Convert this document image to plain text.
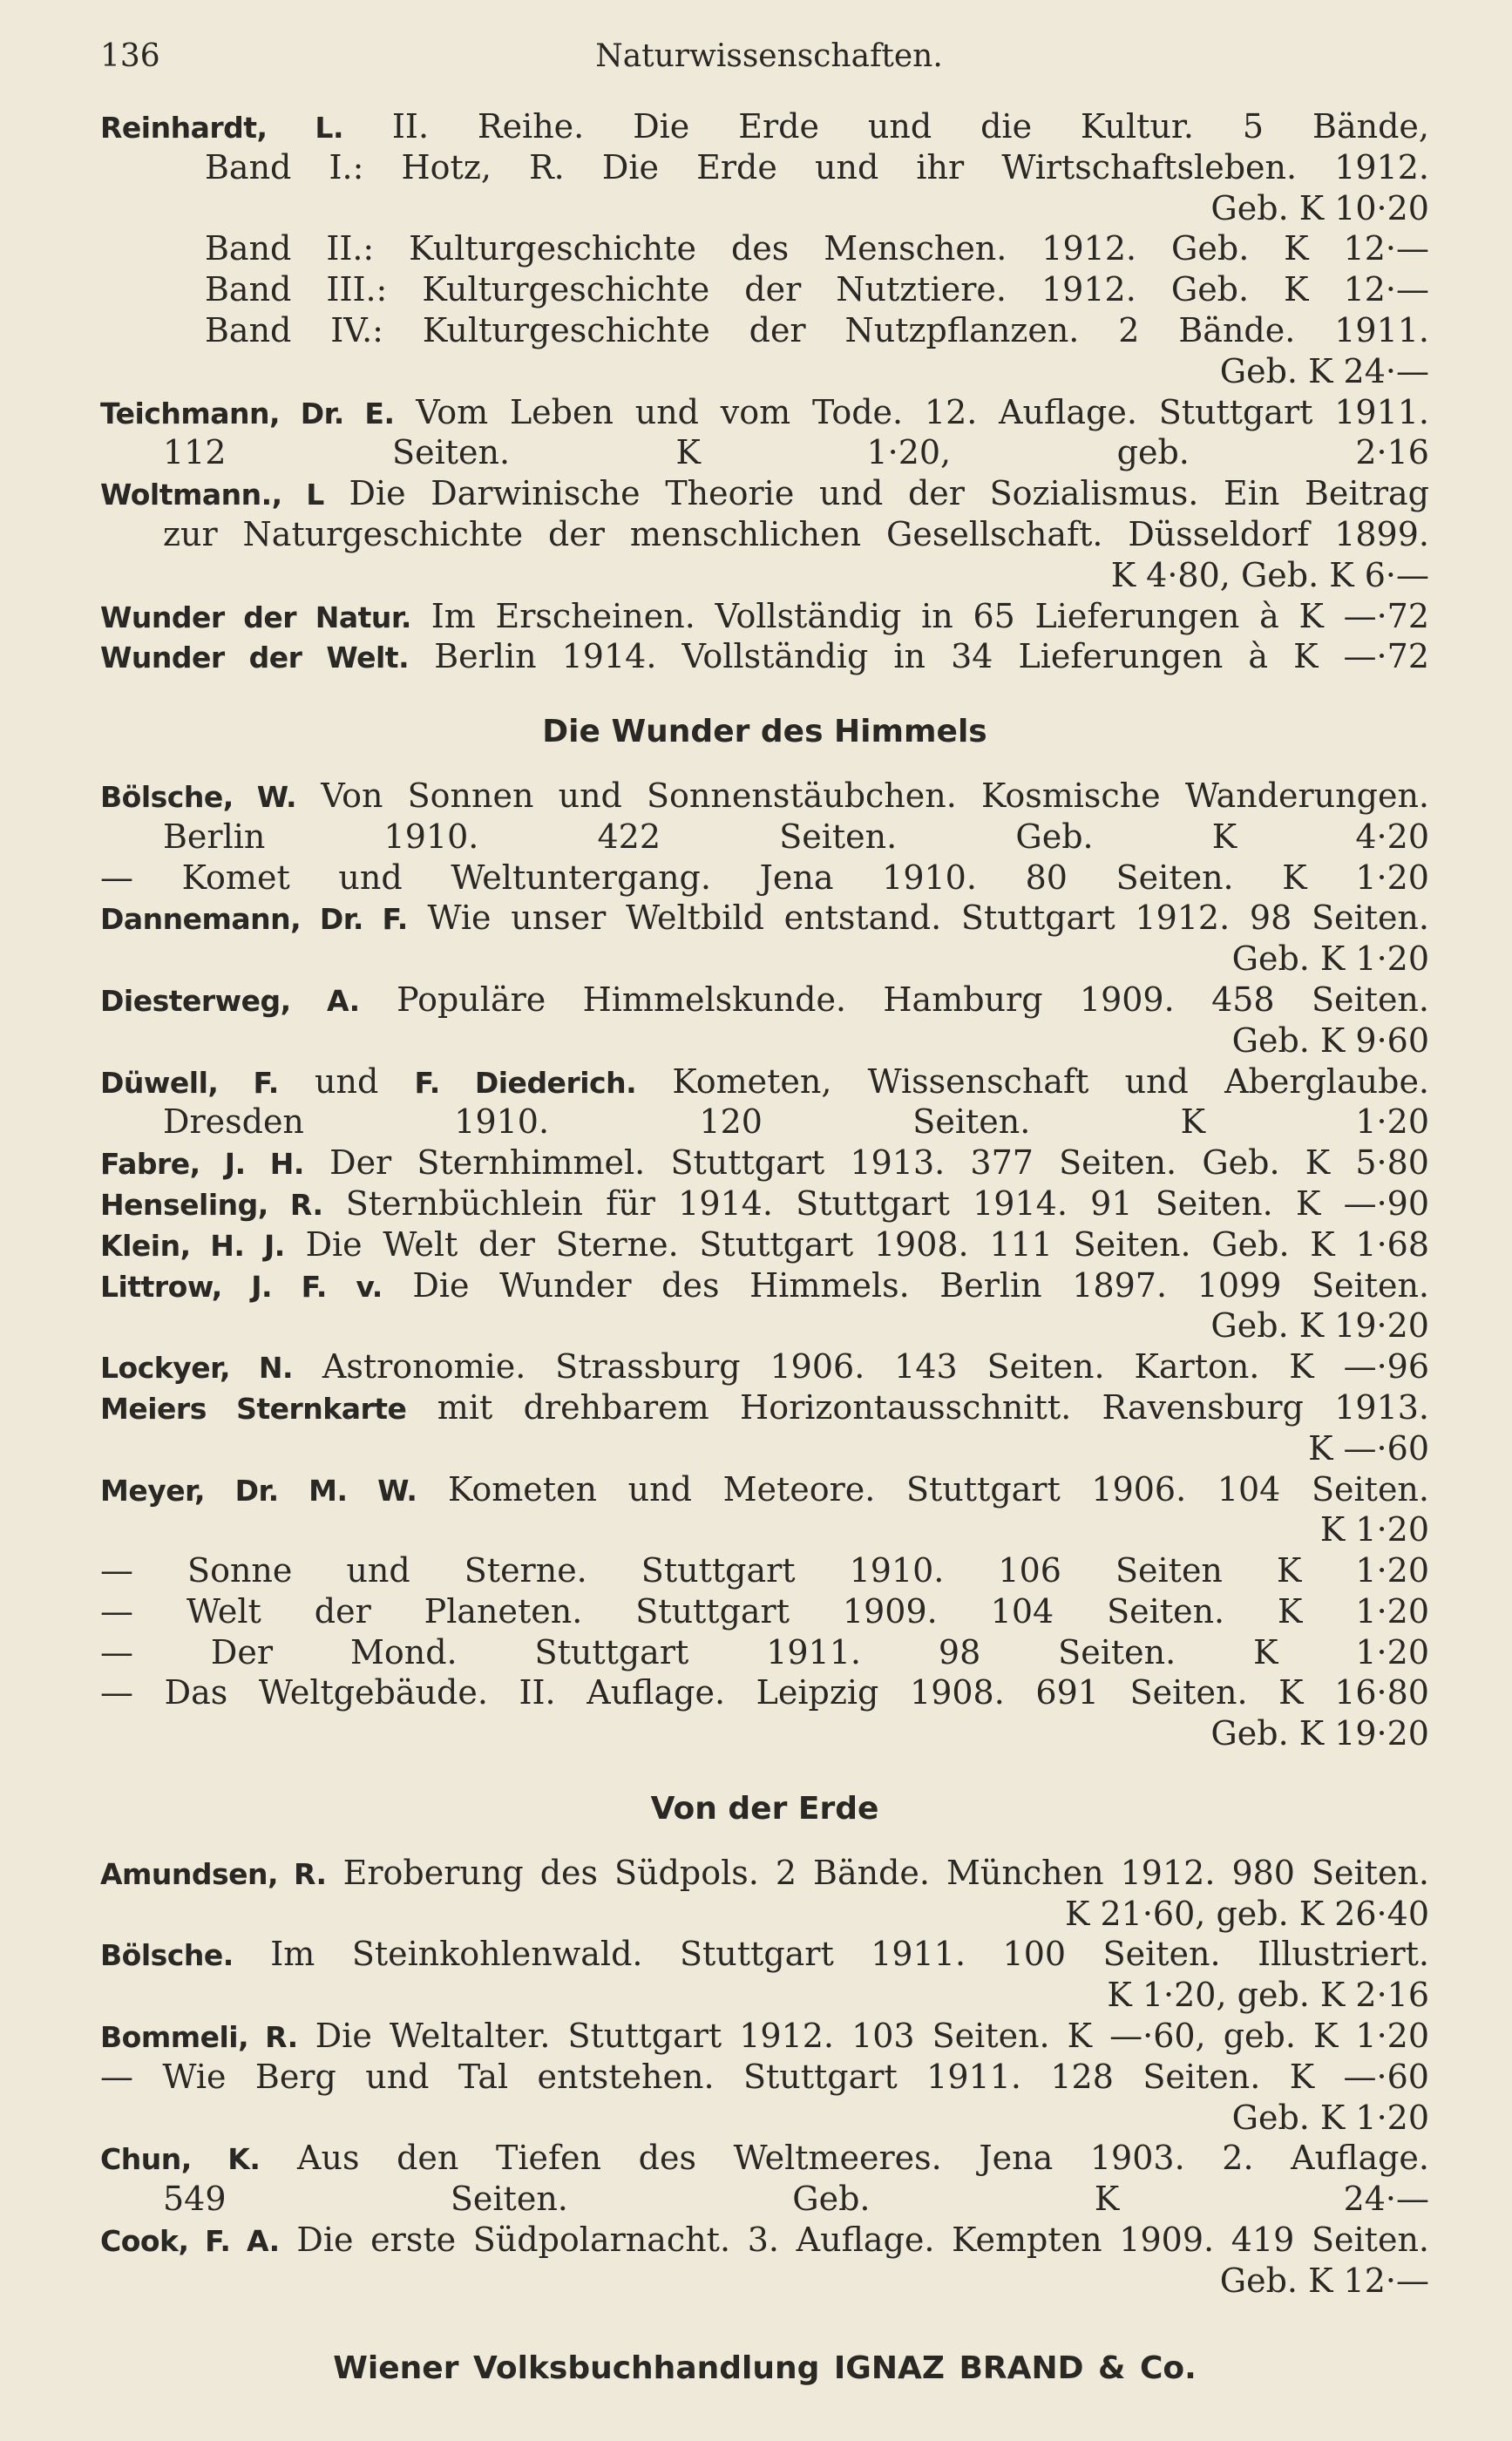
136	Naturwissenschaften.
Reinhardt, L. II. Reihe. Die Erde und die Kultur. 5 Bände,
Band I.: Hotz, R. Die Erde und ihr Wirtschaftsleben. 1912.
Geb. K 10·20
Band II.: Kulturgeschichte des Menschen. 1912. Geb. K 12·—
Band III.: Kulturgeschichte der Nutztiere. 1912. Geb. K 12·—
Band IV.: Kulturgeschichte der Nutzpflanzen. 2 Bände. 1911.
Geb. K 24·—
Teichmann, Dr. E. Vom Leben und vom Tode. 12. Auflage. Stuttgart 1911.
112 Seiten. K 1·20, geb. 2·16
Woltmann., L Die Darwinische Theorie und der Sozialismus. Ein Beitrag
zur Naturgeschichte der menschlichen Gesellschaft. Düsseldorf 1899.
K 4·80, Geb. K 6·—
Wunder der Natur. Im Erscheinen. Vollständig in 65 Lieferungen à K —·72
Wunder der Welt. Berlin 1914. Vollständig in 34 Lieferungen à K —·72
Die Wunder des Himmels
Bölsche, W. Von Sonnen und Sonnenstäubchen. Kosmische Wanderungen.
Berlin 1910. 422 Seiten. Geb. K 4·20
— Komet und Weltuntergang. Jena 1910. 80 Seiten. K 1·20
Dannemann, Dr. F. Wie unser Weltbild entstand. Stuttgart 1912. 98 Seiten.
Geb. K 1·20
Diesterweg, A. Populäre Himmelskunde. Hamburg 1909. 458 Seiten.
Geb. K 9·60
Düwell, F. und F. Diederich. Kometen, Wissenschaft und Aberglaube.
Dresden 1910. 120 Seiten. K 1·20
Fabre, J. H. Der Sternhimmel. Stuttgart 1913. 377 Seiten. Geb. K 5·80
Henseling, R. Sternbüchlein für 1914. Stuttgart 1914. 91 Seiten. K —·90
Klein, H. J. Die Welt der Sterne. Stuttgart 1908. 111 Seiten. Geb. K 1·68
Littrow, J. F. v. Die Wunder des Himmels. Berlin 1897. 1099 Seiten.
Geb. K 19·20
Lockyer, N. Astronomie. Strassburg 1906. 143 Seiten. Karton. K —·96
Meiers Sternkarte mit drehbarem Horizontausschnitt. Ravensburg 1913.
K —·60
Meyer, Dr. M. W. Kometen und Meteore. Stuttgart 1906. 104 Seiten.
K 1·20
— Sonne und Sterne. Stuttgart 1910. 106 Seiten K 1·20
— Welt der Planeten. Stuttgart 1909. 104 Seiten. K 1·20
— Der Mond. Stuttgart 1911. 98 Seiten. K 1·20
— Das Weltgebäude. II. Auflage. Leipzig 1908. 691 Seiten. K 16·80
Geb. K 19·20
Von der Erde
Amundsen, R. Eroberung des Südpols. 2 Bände. München 1912. 980 Seiten.
K 21·60, geb. K 26·40
Bölsche. Im Steinkohlenwald. Stuttgart 1911. 100 Seiten. Illustriert.
K 1·20, geb. K 2·16
Bommeli, R. Die Weltalter. Stuttgart 1912. 103 Seiten. K —·60, geb. K 1·20
— Wie Berg und Tal entstehen. Stuttgart 1911. 128 Seiten. K —·60
Geb. K 1·20
Chun, K. Aus den Tiefen des Weltmeeres. Jena 1903. 2. Auflage.
549 Seiten. Geb. K 24·—
Cook, F. A. Die erste Südpolarnacht. 3. Auflage. Kempten 1909. 419 Seiten.
Geb. K 12·—
Wiener Volksbuchhandlung IGNAZ BRAND & Co.
